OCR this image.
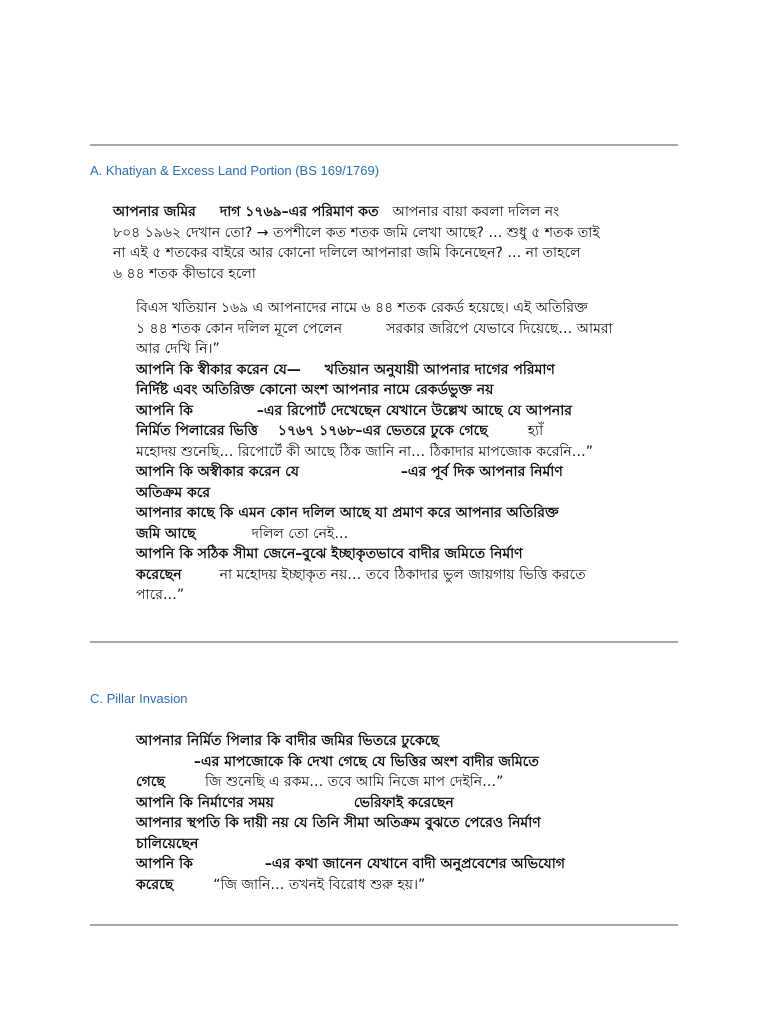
A. Khatiyan & Excess Land Portion (BS 169/1769)
আপনার জমির দাগ ১৭৬৯–এর পরিমাণ কত আপনার বায়া কবলা দলিল নং
৮০৪ ১৯৬২ দেখান তো? → তপশীলে কত শতক জমি লেখা আছে? … শুধু ৫ শতক তাই
না এই ৫ শতকের বাইরে আর কোনো দলিলে আপনারা জমি কিনেছেন? … না তাহলে
৬ ৪৪ শতক কীভাবে হলো
বিএস খতিয়ান ১৬৯ এ আপনাদের নামে ৬ ৪৪ শতক রেকর্ড হয়েছে। এই অতিরিক্ত
১ ৪৪ শতক কোন দলিল মূলে পেলেন	সরকার জরিপে যেভাবে দিয়েছে… আমরা
আর দেখি নি।”
আপনি কি স্বীকার করেন যে— খতিয়ান অনুযায়ী আপনার দাগের পরিমাণ
নির্দিষ্ট এবং অতিরিক্ত কোনো অংশ আপনার নামে রেকর্ডভুক্ত নয়
আপনি কি	–এর রিপোর্ট দেখেছেন যেখানে উল্লেখ আছে যে আপনার
নির্মিত পিলারের ভিত্তি ১৭৬৭ ১৭৬৮–এর ভেতরে ঢুকে গেছে	হ্যাঁ
মহোদয় শুনেছি… রিপোর্টে কী আছে ঠিক জানি না… ঠিকাদার মাপজোক করেনি…”
আপনি কি অস্বীকার করেন যে	–এর পূর্ব দিক আপনার নির্মাণ
অতিক্রম করে
আপনার কাছে কি এমন কোন দলিল আছে যা প্রমাণ করে আপনার অতিরিক্ত
জমি আছে	দলিল তো নেই…
আপনি কি সঠিক সীমা জেনে–বুঝে ইচ্ছাকৃতভাবে বাদীর জমিতে নির্মাণ
করেছেন	না মহোদয় ইচ্ছাকৃত নয়… তবে ঠিকাদার ভুল জায়গায় ভিত্তি করতে
পারে…”
C. Pillar Invasion
আপনার নির্মিত পিলার কি বাদীর জমির ভিতরে ঢুকেছে
–এর মাপজোকে কি দেখা গেছে যে ভিত্তির অংশ বাদীর জমিতে
গেছে	জি শুনেছি এ রকম… তবে আমি নিজে মাপ দেইনি…”
আপনি কি নির্মাণের সময়	ভেরিফাই করেছেন
আপনার স্থপতি কি দায়ী নয় যে তিনি সীমা অতিক্রম বুঝতে পেরেও নির্মাণ
চালিয়েছেন
আপনি কি	–এর কথা জানেন যেখানে বাদী অনুপ্রবেশের অভিযোগ
করেছে	“জি জানি… তখনই বিরোধ শুরু হয়।”
